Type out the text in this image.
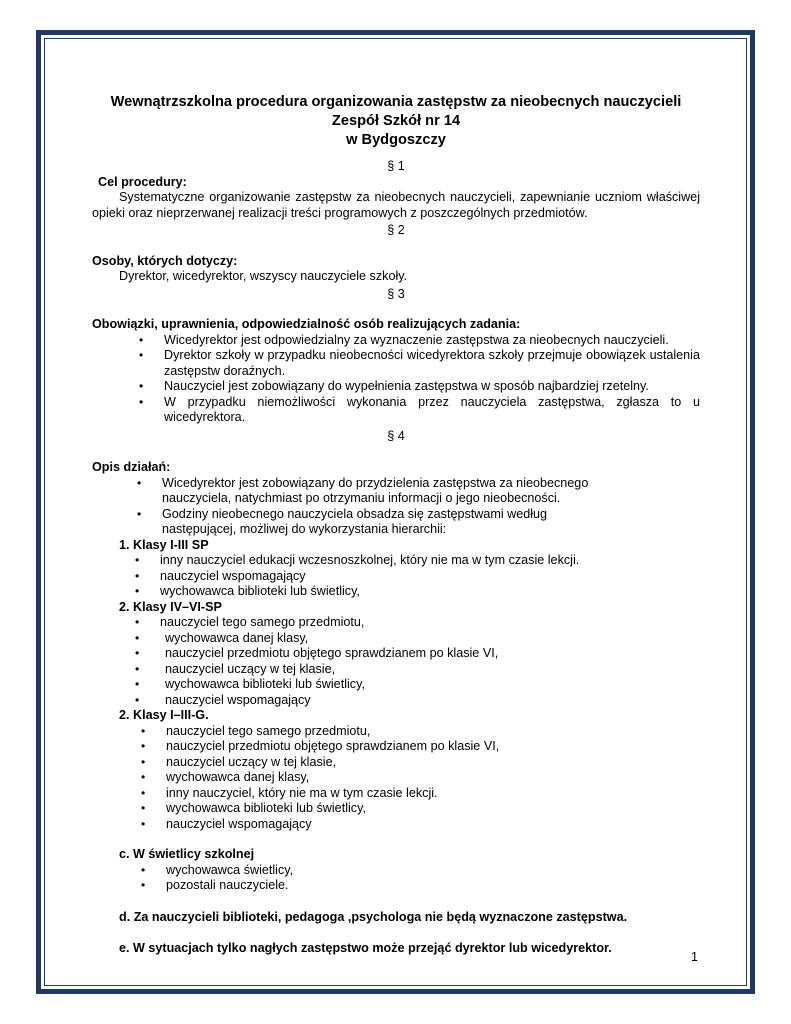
Wewnątrzszkolna procedura organizowania zastępstw za nieobecnych nauczycieli
Zespół Szkół nr 14
w Bydgoszczy
§ 1
Cel procedury:
Systematyczne organizowanie zastępstw za nieobecnych nauczycieli, zapewnianie uczniom właściwej opieki oraz nieprzerwanej realizacji treści programowych z poszczególnych przedmiotów.
§ 2
Osoby, których dotyczy:
Dyrektor, wicedyrektor, wszyscy nauczyciele szkoły.
§ 3
Obowiązki, uprawnienia, odpowiedzialność osób realizujących zadania:
• Wicedyrektor jest odpowiedzialny za wyznaczenie zastępstwa za nieobecnych nauczycieli.
• Dyrektor szkoły w przypadku nieobecności wicedyrektora szkoły przejmuje obowiązek ustalenia zastępstw doraźnych.
• Nauczyciel jest zobowiązany do wypełnienia zastępstwa w sposób najbardziej rzetelny.
• W przypadku niemożliwości wykonania przez nauczyciela zastępstwa, zgłasza to u wicedyrektora.
§ 4
Opis działań:
• Wicedyrektor jest zobowiązany do przydzielenia zastępstwa za nieobecnego nauczyciela, natychmiast po otrzymaniu informacji o jego nieobecności.
• Godziny nieobecnego nauczyciela obsadza się zastępstwami według następującej, możliwej do wykorzystania hierarchii:
1. Klasy I-III SP
• inny nauczyciel edukacji wczesnoszkolnej, który nie ma w tym czasie lekcji.
• nauczyciel wspomagający
• wychowawca biblioteki lub świetlicy,
2. Klasy IV–VI-SP
• nauczyciel tego samego przedmiotu,
• wychowawca danej klasy,
• nauczyciel przedmiotu objętego sprawdzianem po klasie VI,
• nauczyciel uczący w tej klasie,
• wychowawca biblioteki lub świetlicy,
• nauczyciel wspomagający
2. Klasy I–III-G.
• nauczyciel tego samego przedmiotu,
• nauczyciel przedmiotu objętego sprawdzianem po klasie VI,
• nauczyciel uczący w tej klasie,
• wychowawca danej klasy,
• inny nauczyciel, który nie ma w tym czasie lekcji.
• wychowawca biblioteki lub świetlicy,
• nauczyciel wspomagający
c. W świetlicy szkolnej
• wychowawca świetlicy,
• pozostali nauczyciele.
d. Za nauczycieli biblioteki, pedagoga ,psychologa nie będą wyznaczone zastępstwa.
e. W sytuacjach tylko nagłych zastępstwo może przejąć dyrektor lub wicedyrektor.
1
